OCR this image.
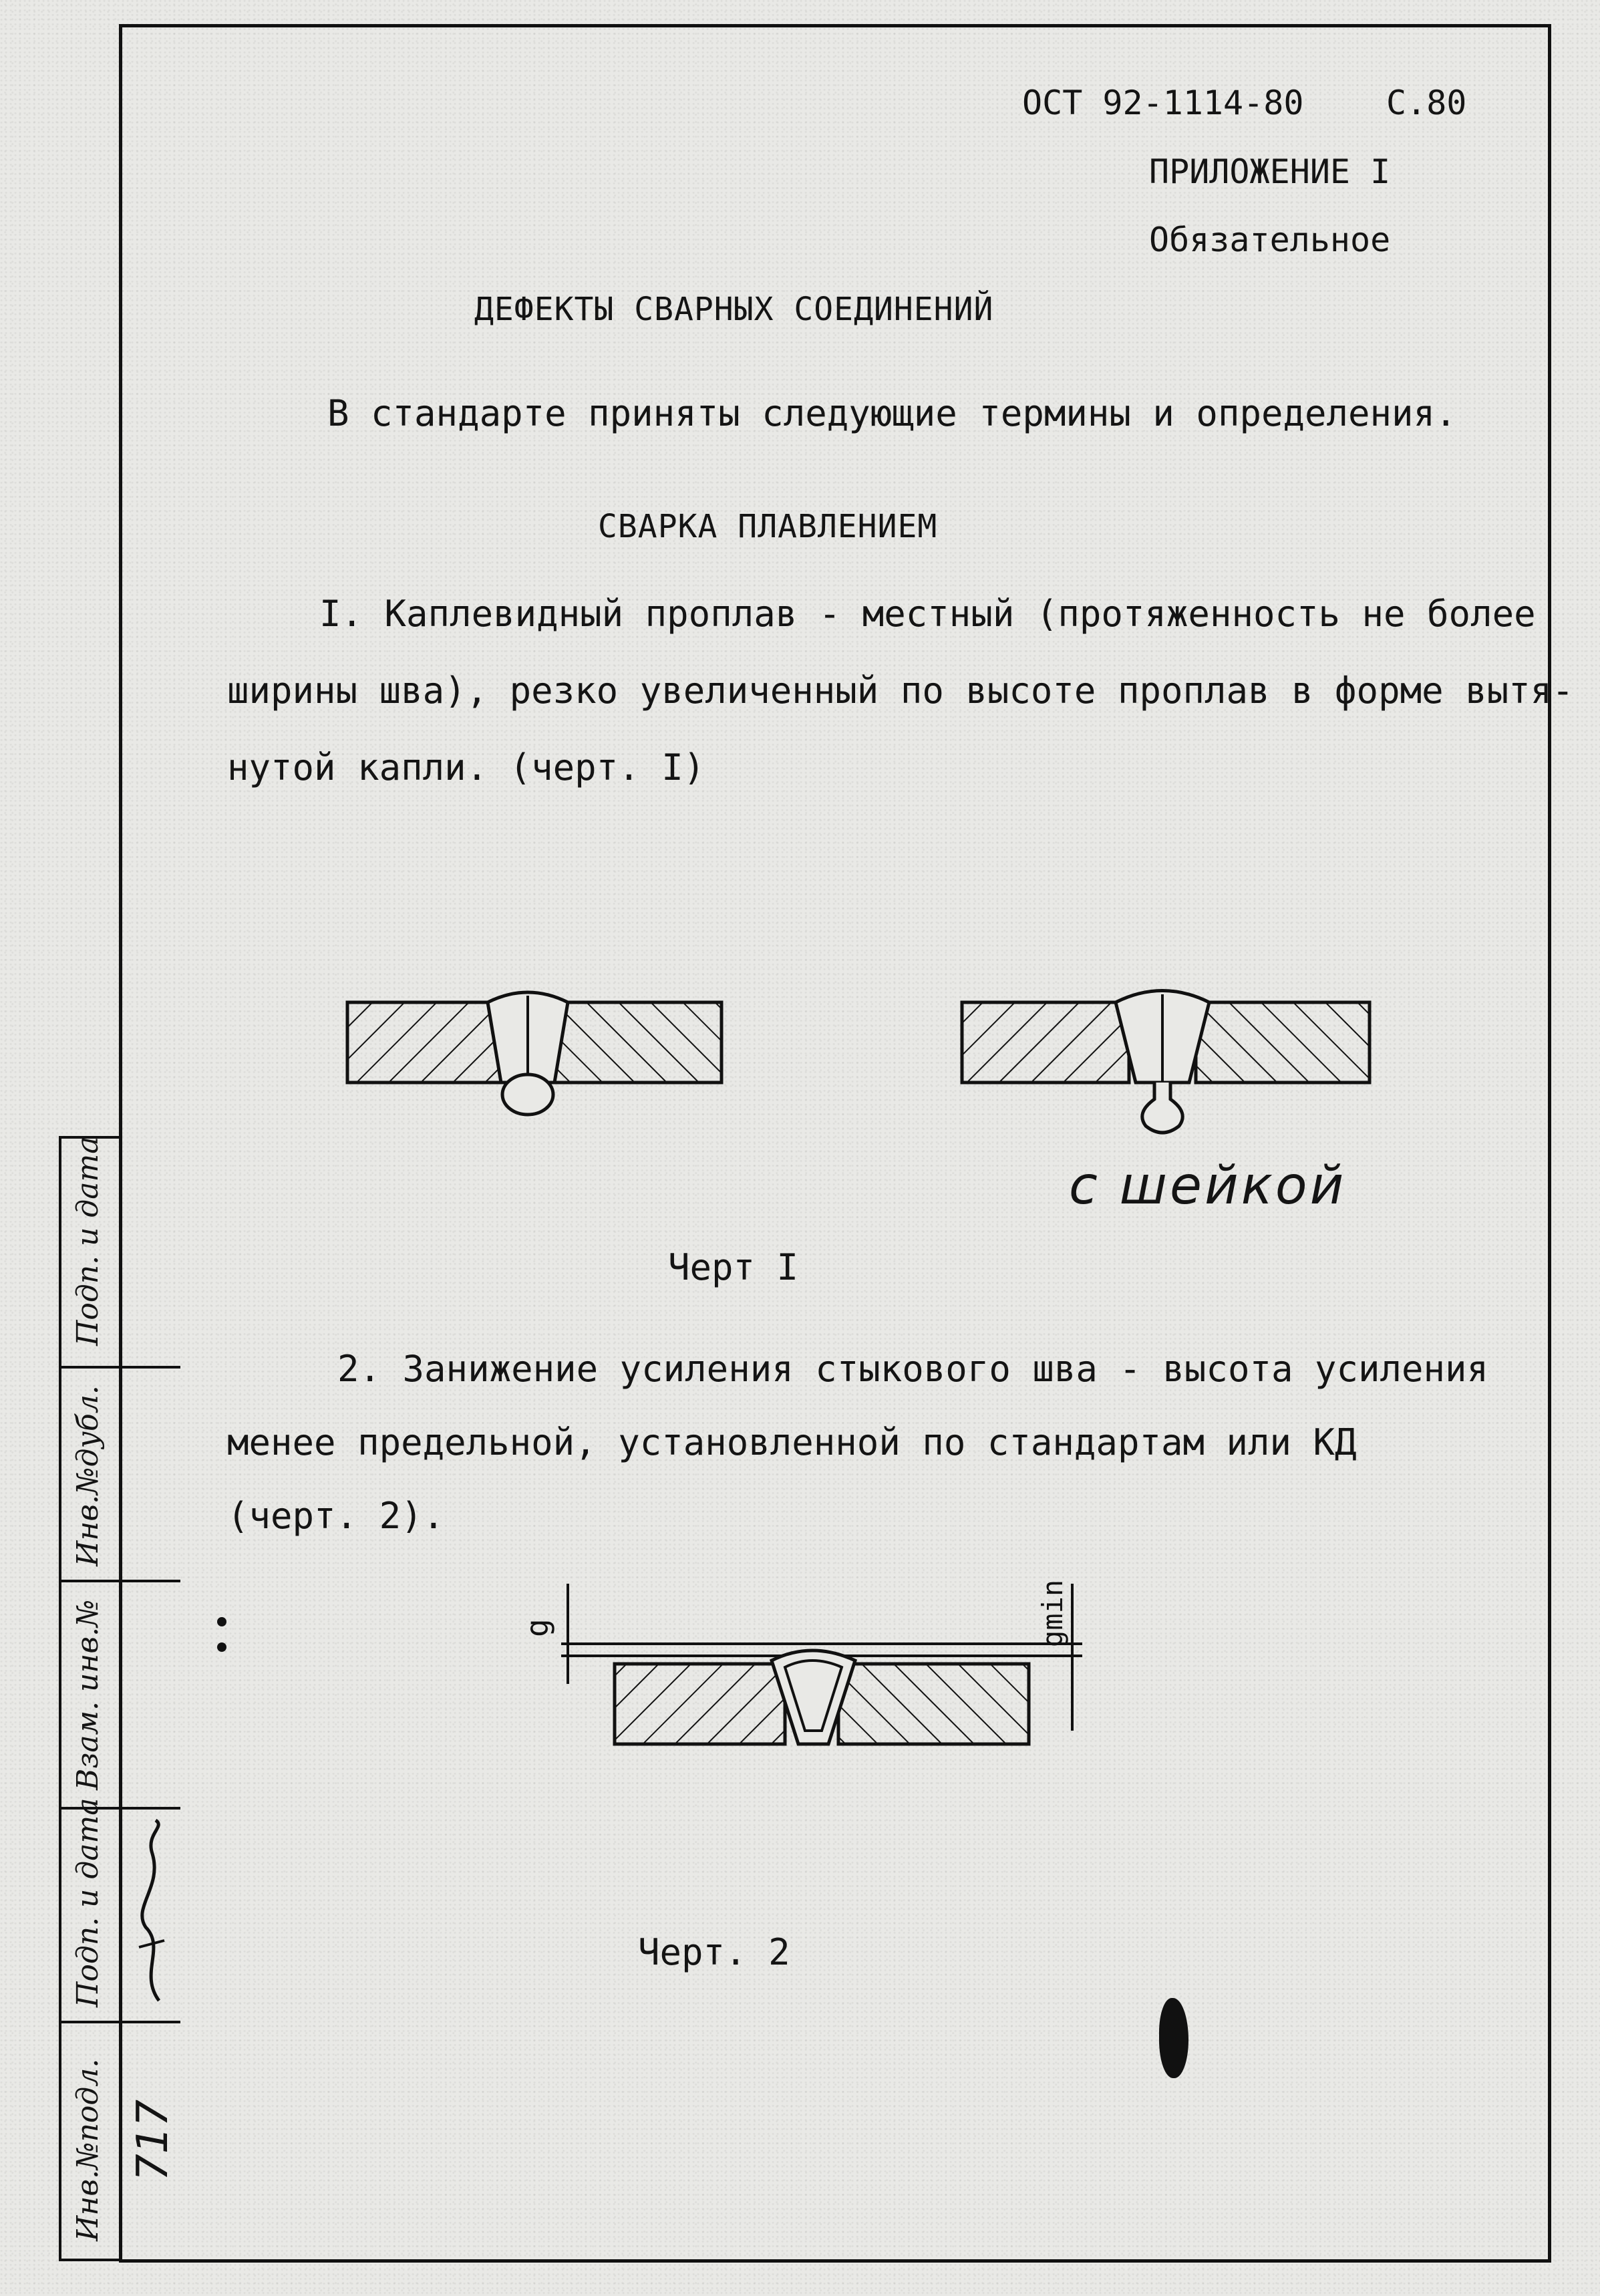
Подп. и дата
Инв.№дубл.
Взам. инв.№
Подп. и дата
Инв.№подл. 717
ОСТ 92-1114-80 С.80
ПРИЛОЖЕНИЕ I
Обязательное
ДЕФЕКТЫ СВАРНЫХ СОЕДИНЕНИЙ
В стандарте приняты следующие термины и определения.
СВАРКА ПЛАВЛЕНИЕМ
I. Каплевидный проплав - местный (протяженность не более
ширины шва), резко увеличенный по высоте проплав в форме вытя-
нутой капли. (черт. I)
с шейкой
Черт I
2. Занижение усиления стыкового шва - высота усиления
менее предельной, установленной по стандартам или КД
(черт. 2).
g	gmin
Черт. 2
